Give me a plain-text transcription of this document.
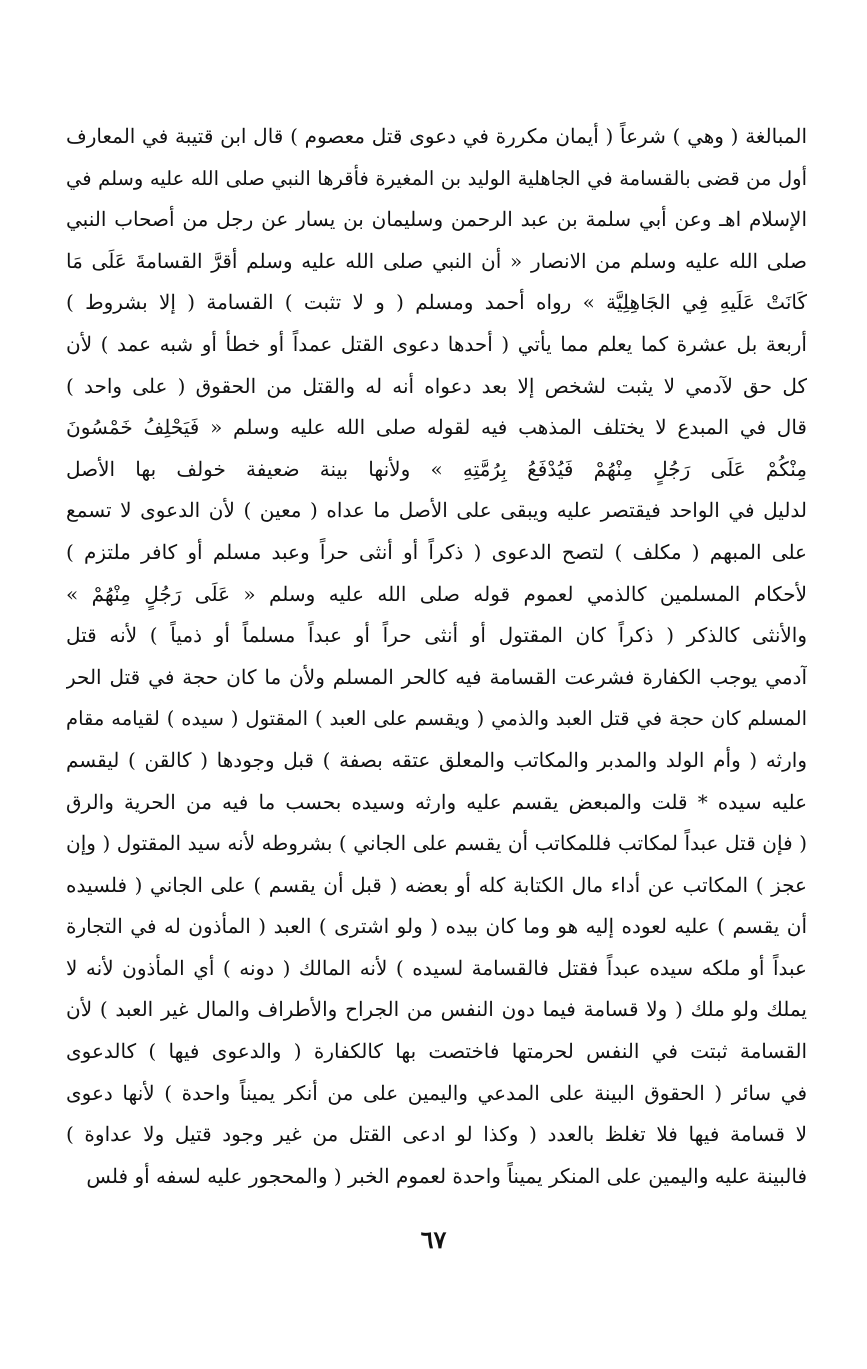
المبالغة ( وهي ) شرعاً ( أيمان مكررة في دعوى قتل معصوم ) قال ابن قتيبة في المعارف
أول من قضى بالقسامة في الجاهلية الوليد بن المغيرة فأقرها النبي صلى الله عليه وسلم في
الإسلام اهـ وعن أبي سلمة بن عبد الرحمن وسليمان بن يسار عن رجل من أصحاب النبي
صلى الله عليه وسلم من الانصار « أن النبي صلى الله عليه وسلم أقرَّ القسامةَ عَلَى مَا
كَانَتْ عَلَيهِ فِي الجَاهِلِيَّة » رواه أحمد ومسلم ( و لا تثبت ) القسامة ( إلا بشروط )
أربعة بل عشرة كما يعلم مما يأتي ( أحدها دعوى القتل عمداً أو خطأ أو شبه عمد ) لأن
كل حق لآدمي لا يثبت لشخص إلا بعد دعواه أنه له والقتل من الحقوق ( على واحد )
قال في المبدع لا يختلف المذهب فيه لقوله صلى الله عليه وسلم « فَيَحْلِفُ خَمْسُونَ
مِنْكُمْ عَلَى رَجُلٍ مِنْهُمْ فَيُدْفَعُ بِرُمَّتِهِ » ولأنها بينة ضعيفة خولف بها الأصل
لدليل في الواحد فيقتصر عليه ويبقى على الأصل ما عداه ( معين ) لأن الدعوى لا تسمع
على المبهم ( مكلف ) لتصح الدعوى ( ذكراً أو أنثى حراً وعبد مسلم أو كافر ملتزم )
لأحكام المسلمين كالذمي لعموم قوله صلى الله عليه وسلم « عَلَى رَجُلٍ مِنْهُمْ »
والأنثى كالذكر ( ذكراً كان المقتول أو أنثى حراً أو عبداً مسلماً أو ذمياً ) لأنه قتل
آدمي يوجب الكفارة فشرعت القسامة فيه كالحر المسلم ولأن ما كان حجة في قتل الحر
المسلم كان حجة في قتل العبد والذمي ( ويقسم على العبد ) المقتول ( سيده ) لقيامه مقام
وارثه ( وأم الولد والمدبر والمكاتب والمعلق عتقه بصفة ) قبل وجودها ( كالقن ) ليقسم
عليه سيده * قلت والمبعض يقسم عليه وارثه وسيده بحسب ما فيه من الحرية والرق
( فإن قتل عبداً لمكاتب فللمكاتب أن يقسم على الجاني ) بشروطه لأنه سيد المقتول ( وإن
عجز ) المكاتب عن أداء مال الكتابة كله أو بعضه ( قبل أن يقسم ) على الجاني ( فلسيده
أن يقسم ) عليه لعوده إليه هو وما كان بيده ( ولو اشترى ) العبد ( المأذون له في التجارة
عبداً أو ملكه سيده عبداً فقتل فالقسامة لسيده ) لأنه المالك ( دونه ) أي المأذون لأنه لا
يملك ولو ملك ( ولا قسامة فيما دون النفس من الجراح والأطراف والمال غير العبد ) لأن
القسامة ثبتت في النفس لحرمتها فاختصت بها كالكفارة ( والدعوى فيها ) كالدعوى
في سائر ( الحقوق البينة على المدعي واليمين على من أنكر يميناً واحدة ) لأنها دعوى
لا قسامة فيها فلا تغلظ بالعدد ( وكذا لو ادعى القتل من غير وجود قتيل ولا عداوة )
فالبينة عليه واليمين على المنكر يميناً واحدة لعموم الخبر ( والمحجور عليه لسفه أو فلس
٦٧
